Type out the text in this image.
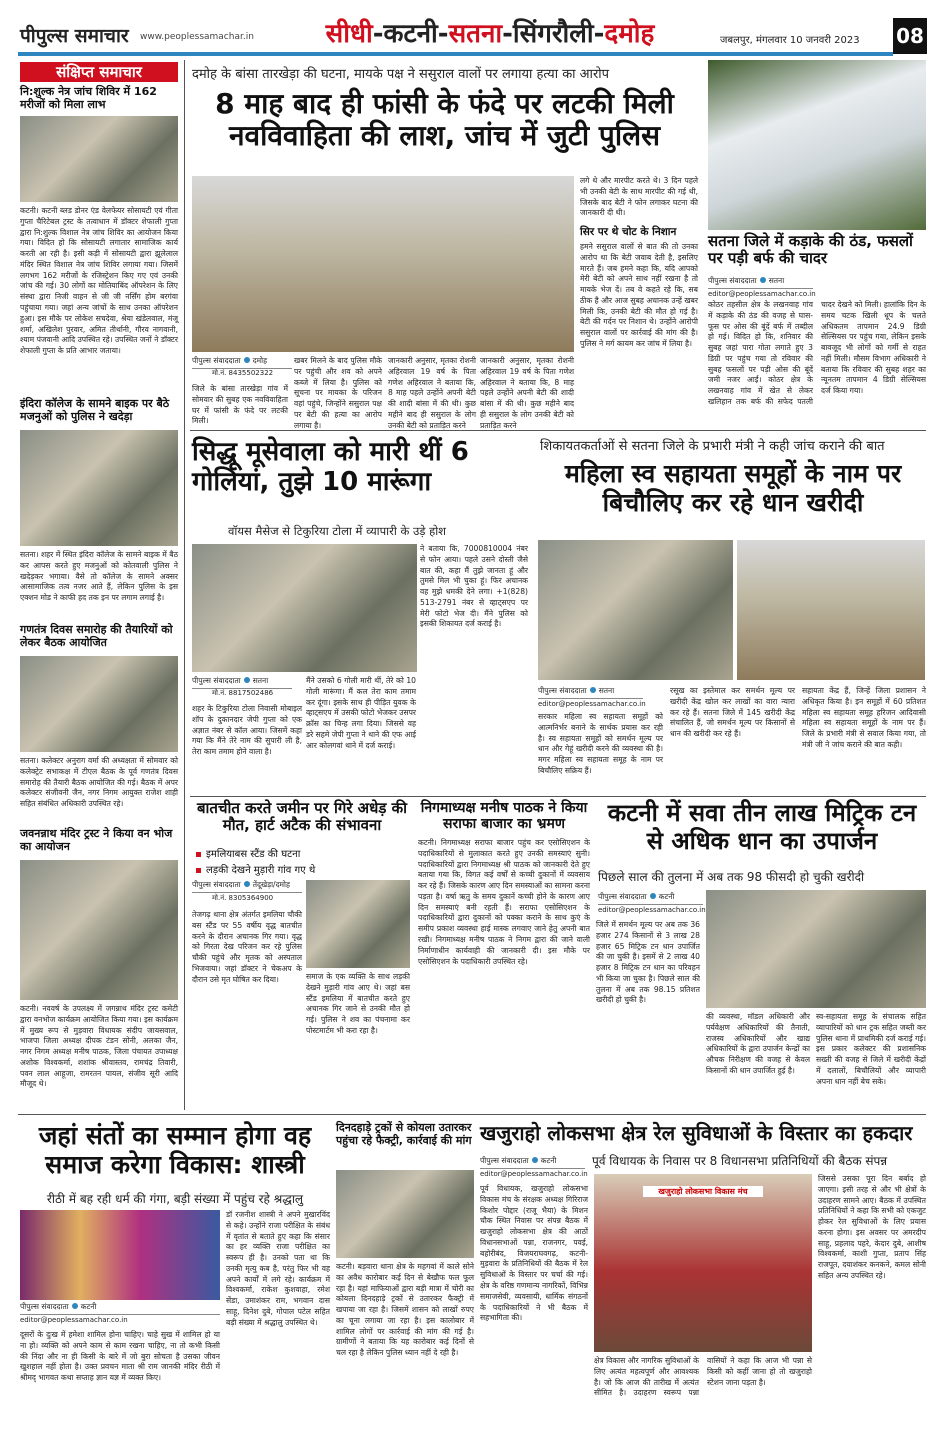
पीपुल्स समाचार www.peoplessamachar.in	सीधी-कटनी-सतना-सिंगरौली-दमोह	जबलपुर, मंगलवार 10 जनवरी 2023 08
संक्षिप्त समाचार
नि:शुल्क नेत्र जांच शिविर में 162 मरीजों को मिला लाभ
कटनी। कटनी ब्लड डोनर एंड वेलफेयर सोसायटी एवं गीता गुप्ता चैरिटेबल ट्रस्ट के तत्वाधान में डॉक्टर शेफाली गुप्ता द्वारा नि:शुल्क विशाल नेत्र जांच शिविर का आयोजन किया गया। विदित हो कि सोसायटी लगातार सामाजिक कार्य करती आ रही है। इसी कड़ी में सोसायटी द्वारा झूलेलाल मंदिर स्थित विशाल नेत्र जांच शिविर लगाया गया। जिसमें लगभग 162 मरीजों के रजिस्ट्रेशन किए गए एवं उनकी जांच की गई। 30 लोगों का मोतियाबिंद ऑपरेशन के लिए संस्था द्वारा निजी वाहन से जी जी नर्सिंग होम बरगंवा पहुंचाया गया। जहां अन्य जांचों के साथ उनका ऑपरेशन हुआ। इस मौके पर लोकेश सचदेवा, श्रेया खंडेलवाल, मंजू शर्मा, अखिलेश पुरवार, अमित तीर्थानी, गौरव नागवानी, श्याम पंजवानी आदि उपस्थित रहे। उपस्थित जनों ने डॉक्टर शेफाली गुप्ता के प्रति आभार जताया।
इंदिरा कॉलेज के सामने बाइक पर बैठे मजनुओं को पुलिस ने खदेड़ा
सतना। शहर में स्थित इंदिरा कॉलेज के सामने बाइक में बैठ कर आपस करते हुए मजनुओं को कोतवाली पुलिस ने खदेड़कर भगाया। वैसे तो कॉलेज के सामने अक्सर आसामाजिक तत्व नजर आते हैं, लेकिन पुलिस के इस एक्शन मोड ने काफी हद तक इन पर लगाम लगाई है।
गणतंत्र दिवस समारोह की तैयारियों को लेकर बैठक आयोजित
सतना। कलेक्टर अनुराग वर्मा की अध्यक्षता में सोमवार को कलेक्ट्रेट सभाकक्ष में टीएल बैठक के पूर्व गणतंत्र दिवस समारोह की तैयारी बैठक आयोजित की गई। बैठक में अपर कलेक्टर संजीवनी जैन, नगर निगम आयुक्त राजेश शाही सहित संबंधित अधिकारी उपस्थित रहे।
जवनन्नाथ मंदिर ट्रस्ट ने किया वन भोज का आयोजन
कटनी। नववर्ष के उपलक्ष्य में जगन्नाथ मंदिर ट्रस्ट कमेटी द्वारा वनभोज कार्यक्रम आयोजित किया गया। इस कार्यक्रम में मुख्य रूप से मुड़वारा विधायक संदीप जायसवाल, भाजपा जिला अध्यक्ष दीपक टंडन सोनी, अलका जैन, नगर निगम अध्यक्ष मनीष पाठक, जिला पंचायत उपाध्यक्ष अशोक विश्वकर्मा, शशांक श्रीवास्तव, रामचंद्र तिवारी, पवन लाल आहूजा, रामरतन पायल, संजीव सूरी आदि मौजूद थे।
दमोह के बांसा तारखेड़ा की घटना, मायके पक्ष ने ससुराल वालों पर लगाया हत्या का आरोप
8 माह बाद ही फांसी के फंदे पर लटकी मिली नवविवाहिता की लाश, जांच में जुटी पुलिस
पीपुल्स संवाददाता दमोह
मो.नं. 8435502322
जिले के बांसा तारखेड़ा गांव में सोमवार की सुबह एक नवविवाहिता घर में फांसी के फंदे पर लटकी मिली।
खबर मिलने के बाद पुलिस मौके पर पहुंची और शव को अपने कब्जे में लिया है। पुलिस को सूचना पर मायका के परिजन वहां पहुंचे, जिन्होंने ससुराल पक्ष पर बेटी की हत्या का आरोप लगाया है।
जानकारी अनुसार, मृतका रोशनी अहिरवाल 19 वर्ष के पिता गणेश अहिरवाल ने बताया कि, 8 माह पहले उन्होंने अपनी बेटी की शादी बांसा में की थी। कुछ महीने बाद ही ससुराल के लोग उनकी बेटी को प्रताड़ित करने
जानकारी अनुसार, मृतका रोशनी अहिरवाल 19 वर्ष के पिता गणेश अहिरवाल ने बताया कि, 8 माह पहले उन्होंने अपनी बेटी की शादी बांसा में की थी। कुछ महीने बाद ही ससुराल के लोग उनकी बेटी को प्रताड़ित करने
लगे थे और मारपीट करते थे। 3 दिन पहले भी उनकी बेटी के साथ मारपीट की गई थी, जिसके बाद बेटी ने फोन लगाकर घटना की जानकारी दी थी।
सिर पर थे चोट के निशान
हमने ससुराल वालों से बात की तो उनका आरोप था कि बेटी जवाब देती है, इसलिए मारते हैं। जब हमने कहा कि, यदि आपको मेरी बेटी को अपने साथ नहीं रखना है तो मायके भेज दें। तब वे कहते रहे कि, सब ठीक है और आज सुबह अचानक उन्हें खबर मिली कि, उनकी बेटी की मौत हो गई है। बेटी की गर्दन पर निशान थे। उन्होंने आरोपी ससुराल वालों पर कार्रवाई की मांग की है। पुलिस ने मर्ग कायम कर जांच में लिया है।
सतना जिले में कड़ाके की ठंड, फसलों पर पड़ी बर्फ की चादर
पीपुल्स संवाददाता सतना
editor@peoplessamachar.co.in
कोठर तहसील क्षेत्र के लखनवाह गांव में कड़ाके की ठंड की वजह से घास-फूस पर ओस की बूंदें बर्फ में तब्दील हो गई। विदित हो कि, शनिवार की सुबह जहां पारा गोता लगाते हुए 3 डिग्री पर पहुंच गया तो रविवार की सुबह फसलों पर पड़ी ओस की बूंदें जमी नजर आईं। कोठर क्षेत्र के लखनवाह गांव में खेत से लेकर खलिहान तक बर्फ की सफेद पतली चादर देखने को मिली। हालांकि दिन के समय चटक खिली धूप के चलते अधिकतम तापमान 24.9 डिग्री सेल्सियस पर पहुंच गया, लेकिन इसके बावजूद भी लोगों को गर्मी से राहत नहीं मिली। मौसम विभाग अधिकारी ने बताया कि रविवार की सुबह शहर का न्यूनतम तापमान 4 डिग्री सेल्सियस दर्ज किया गया।
सिद्धू मूसेवाला को मारी थीं 6 गोलियां, तुझे 10 मारूंगा
वॉयस मैसेज से टिकुरिया टोला में व्यापारी के उड़े होश
पीपुल्स संवाददाता सतना
मो.नं. 8817502486
शहर के टिकुरिया टोला निवासी मोबाइल शॉप के दुकानदार जेपी गुप्ता को एक अज्ञात नंबर से कॉल आया। जिसमें कहा गया कि मैंने तेरे नाम की सुपारी ली है, तेरा काम तमाम होने वाला है।
मैंने उसको 6 गोली मारी थीं, तेरे को 10 गोली मारूंगा। मैं कल तेरा काम तमाम कर दूंगा। इसके साथ ही पीड़ित युवक के व्हाट्सएप में उसकी फोटो भेजकर उसपर क्रॉस का चिन्ह लगा दिया। जिससे वह डरे सहमे जेपी गुप्ता ने थाने की एफ आई आर कोलगवां थाने में दर्ज कराई।
ने बताया कि, 7000810004 नंबर से फोन आया। पहले उसने दोस्ती जैसे बात की, कहा मैं तुझे जानता हूं और तुमसे मिल भी चुका हूं। फिर अचानक वह मुझे धमकी देने लगा। +1(828) 513-2791 नंबर से व्हाट्सएप पर मेरी फोटो भेज दी। मैंने पुलिस को इसकी शिकायत दर्ज कराई है।
शिकायतकर्ताओं से सतना जिले के प्रभारी मंत्री ने कही जांच कराने की बात
महिला स्व सहायता समूहों के नाम पर बिचौलिए कर रहे धान खरीदी
पीपुल्स संवाददाता सतना
editor@peoplessamachar.co.in
सरकार महिला स्व सहायता समूहों को आत्मनिर्भर बनाने के सार्थक प्रयास कर रही है। स्व सहायता समूहों को समर्थन मूल्य पर धान और गेहूं खरीदी करने की व्यवस्था की है। मगर महिला स्व सहायता समूह के नाम पर बिचौलिए सक्रिय हैं।
रसूख का इस्तेमाल कर समर्थन मूल्य पर खरीदी केंद्र खोल कर लाखों का वारा न्यारा कर रहे हैं। सतना जिले में 145 खरीदी केंद्र संचालित हैं, जो समर्थन मूल्य पर किसानों से धान की खरीदी कर रहे हैं।
सहायता केंद्र हैं, जिन्हें जिला प्रशासन ने अधिकृत किया है। इन समूहों में 60 प्रतिशत महिला स्व सहायता समूह हरिजन आदिवासी महिला स्व सहायता समूहों के नाम पर हैं। जिले के प्रभारी मंत्री से सवाल किया गया, तो मंत्री जी ने जांच कराने की बात कही।
बातचीत करते जमीन पर गिरे अधेड़ की मौत, हार्ट अटैक की संभावना
इमलियाबस स्टैंड की घटना
लड़की देखने मुड़ारी गांव गए थे
पीपुल्स संवाददाता तेंदूखेड़ा/दमोह
मो.नं. 8305364900
तेजगढ़ थाना क्षेत्र अंतर्गत इमलिया चौकी बस स्टैंड पर 55 वर्षीय वृद्ध बातचीत करने के दौरान अचानक गिर गया। वृद्ध को गिरता देख परिजन कर रहे पुलिस चौकी पहुंचे और मृतक को अस्पताल भिजवाया। जहां डॉक्टर ने चेकअप के दौरान उसे मृत घोषित कर दिया।	समाज के एक व्यक्ति के साथ लड़की देखने मुड़ारी गांव आए थे। जहां बस स्टैंड इमलिया में बातचीत करते हुए अचानक गिर जाने से उनकी मौत हो गई। पुलिस ने शव का पंचनामा कर पोस्टमार्टम भी करा रहा है।
निगमाध्यक्ष मनीष पाठक ने किया सराफा बाजार का भ्रमण
कटनी। निगमाध्यक्ष सराफा बाजार पहुंच कर एसोसिएशन के पदाधिकारियों से मुलाकात करते हुए उनकी समस्याएं सुनी। पदाधिकारियों द्वारा निगमाध्यक्ष श्री पाठक को जानकारी देते हुए बताया गया कि, विगत कई वर्षों से कच्ची दुकानों में व्यवसाय कर रहे हैं। जिसके कारण आए दिन समस्याओं का सामना करना पड़ता है। वर्षा ऋतु के समय दुकानें कच्ची होने के कारण आए दिन समस्याएं बनी रहती हैं। सराफा एसोसिएशन के पदाधिकारियों द्वारा दुकानों को पक्का कराने के साथ कुएं के समीप प्रकाश व्यवस्था हाई मास्क लगवाए जाने हेतु अपनी बात रखी। निगमाध्यक्ष मनीष पाठक ने निगम द्वारा की जाने वाली निर्माणाधीन कार्यवाही की जानकारी दी। इस मौके पर एसोसिएशन के पदाधिकारी उपस्थित रहे।
कटनी में सवा तीन लाख मिट्रिक टन से अधिक धान का उपार्जन
पिछले साल की तुलना में अब तक 98 फीसदी हो चुकी खरीदी
पीपुल्स संवाददाता कटनी
editor@peoplessamachar.co.in
जिले में समर्थन मूल्य पर अब तक 36 हजार 274 किसानों से 3 लाख 28 हजार 65 मिट्रिक टन धान उपार्जित की जा चुकी है। इसमें से 2 लाख 40 हजार 8 मिट्रिक टन धान का परिवहन भी किया जा चुका है। पिछले साल की तुलना में अब तक 98.15 प्रतिशत खरीदी हो चुकी है।
की व्यवस्था, मॉडल अधिकारी और पर्यवेक्षण अधिकारियों की तैनाती, राजस्व अधिकारियों और खाद्य अधिकारियों के द्वारा उपार्जन केन्द्रों का औचक निरीक्षण की वजह से केवल किसानों की धान उपार्जित हुई है।
स्व-सहायता समूह के संचालक सहित व्यापारियों को धान ट्रक सहित जब्ती कर पुलिस थाना में प्राथमिकी दर्ज कराई गई। इस प्रकार कलेक्टर की प्रशासनिक सख्ती की वजह से जिले में खरीदी केंद्रों में दलालों, बिचौलियों और व्यापारी अपना धान नहीं बेच सके।
जहां संतों का सम्मान होगा वह समाज करेगा विकास: शास्त्री
रीठी में बह रही धर्म की गंगा, बड़ी संख्या में पहुंच रहे श्रद्धालु
पीपुल्स संवाददाता कटनी
editor@peoplessamachar.co.in
दूसरों के दुःख में हमेशा शामिल होना चाहिए। चाहे सुख में शामिल हो या ना हो। व्यक्ति को अपने काम से काम रखना चाहिए, ना तो कभी किसी की निंदा और ना ही किसी के बारे में जो बुरा सोचता है उसका जीवन खुशहाल नहीं होता है। उक्त प्रवचन माता श्री राम जानकी मंदिर रीठी में श्रीमद् भागवत कथा सप्ताह ज्ञान यज्ञ में व्यक्त किए।
डॉ रजनीश शास्त्री ने अपने मुखारविंद से कहे। उन्होंने राजा परीक्षित के संबंध में वृतांत से बताते हुए कहा कि संसार का हर व्यक्ति राजा परीक्षित का स्वरूप ही है। उनको पता था कि उनकी मृत्यु कब है, परंतु फिर भी वह अपने कार्यों में लगे रहे। कार्यक्रम में विश्वकर्मा, राकेश कुशवाहा, रमेश सेंडा, उमाशंकर राम, भगवान दास साहू, दिनेश दुबे, गोपाल पटेल सहित बड़ी संख्या में श्रद्धालु उपस्थित थे।
दिनदहाड़े ट्रकों से कोयला उतारकर पहुंचा रहे फैक्ट्री, कार्रवाई की मांग
कटनी। बड़वारा थाना क्षेत्र के महगवां में काले सोने का अवैध कारोबार कई दिन से बेखौफ फल फूल रहा है। यहां माफियाओं द्वारा बड़ी मात्रा में चोरी का कोयला दिनदहाड़े ट्रकों से उतारकर फैक्ट्री में खपाया जा रहा है। जिसमें शासन को लाखों रुपए का चूना लगाया जा रहा है। इस कालोबार में शामिल लोगों पर कार्रवाई की मांग की गई है। ग्रामीणों ने बताया कि यह कारोबार कई दिनों से चल रहा है लेकिन पुलिस ध्यान नहीं दे रही है।
खजुराहो लोकसभा क्षेत्र रेल सुविधाओं के विस्तार का हकदार
पीपुल्स संवाददाता कटनी
editor@peoplessamachar.co.in
पूर्व विधायक के निवास पर 8 विधानसभा प्रतिनिधियों की बैठक संपन्न
पूर्व विधायक, खजुराहो लोकसभा विकास मंच के संरक्षक अध्यक्ष गिरिराज किशोर पोद्दार (राजू भैया) के मिशन चौक स्थित निवास पर संपन्न बैठक में खजुराहो लोकसभा क्षेत्र की आठों विधानसभाओं पन्ना, राजनगर, पवई, बहोरीबंद, विजयराघवगढ़, कटनी-मुड़वारा के प्रतिनिधियों की बैठक में रेल सुविधाओं के विस्तार पर चर्चा की गई। क्षेत्र के वरिष्ठ गणमान्य नागरिकों, विभिन्न समाजसेवी, व्यवसायी, धार्मिक संगठनों के पदाधिकारियों ने भी बैठक में सहभागिता की।
खजुराहो लोकसभा विकास मंच
क्षेत्र विकास और नागरिक सुविधाओं के लिए अत्यंत महत्वपूर्ण और आवश्यक है। जो कि आज की तारीख में अत्यंत सीमित है। उदाहरण स्वरूप पन्ना वासियों ने कहा कि आज भी पन्ना से किसी को कहीं जाना हो तो खजुराहो स्टेशन जाना पड़ता है।
जिससे उसका पूरा दिन बर्बाद हो जाएगा। इसी तरह से और भी क्षेत्रों के उदाहरण सामने आए। बैठक में उपस्थित प्रतिनिधियों ने कहा कि सभी को एकजुट होकर रेल सुविधाओं के लिए प्रयास करना होगा। इस अवसर पर अमरदीप साहू, प्रहलाद पहरे, केदार दुबे, आशीष विश्वकर्मा, काशी गुप्ता, प्रताप सिंह राजपूत, दयाशंकर कनकने, कमल सोनी सहित अन्य उपस्थित रहे।
